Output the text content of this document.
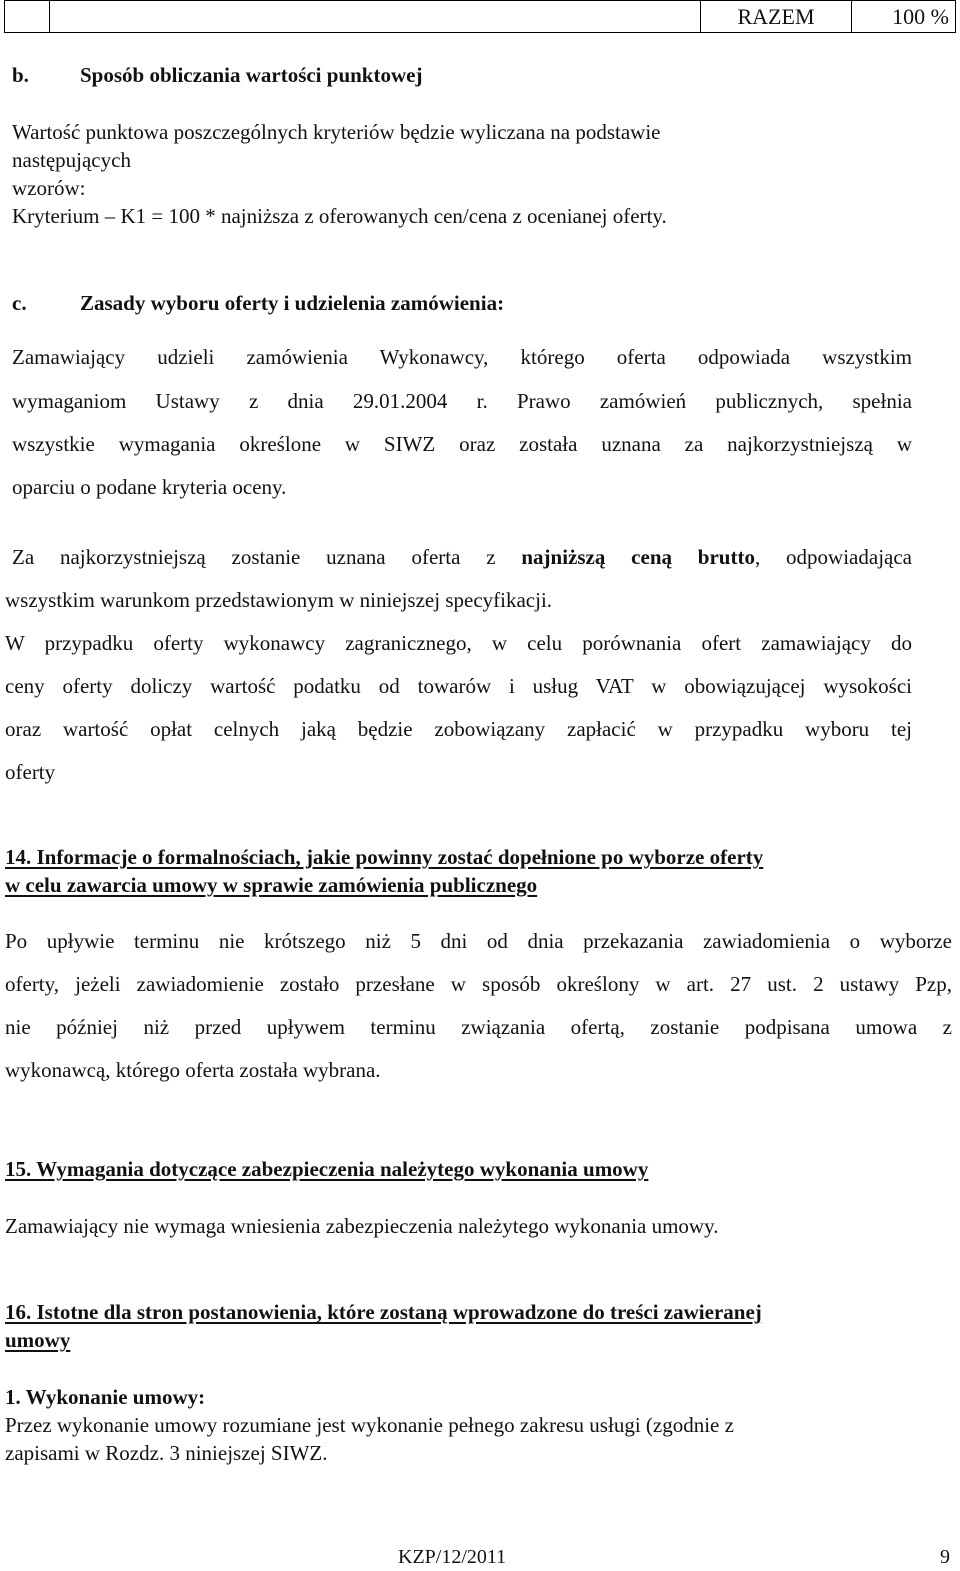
		RAZEM	100 %
b. Sposób obliczania wartości punktowej
Wartość punktowa poszczególnych kryteriów będzie wyliczana na podstawie
następujących
wzorów:
Kryterium – K1 = 100 * najniższa z oferowanych cen/cena z ocenianej oferty.
c.	Zasady wyboru oferty i udzielenia zamówienia:
Zamawiający udzieli zamówienia Wykonawcy, którego oferta odpowiada wszystkim
wymaganiom Ustawy z dnia 29.01.2004 r. Prawo zamówień publicznych, spełnia
wszystkie wymagania określone w SIWZ oraz została uznana za najkorzystniejszą w
oparciu o podane kryteria oceny.
Za najkorzystniejszą zostanie uznana oferta z najniższą ceną brutto, odpowiadająca
wszystkim warunkom przedstawionym w niniejszej specyfikacji.
W przypadku oferty wykonawcy zagranicznego, w celu porównania ofert zamawiający do
ceny oferty doliczy wartość podatku od towarów i usług VAT w obowiązującej wysokości
oraz wartość opłat celnych jaką będzie zobowiązany zapłacić w przypadku wyboru tej
oferty
14. Informacje o formalnościach, jakie powinny zostać dopełnione po wyborze oferty
w celu zawarcia umowy w sprawie zamówienia publicznego
Po upływie terminu nie krótszego niż 5 dni od dnia przekazania zawiadomienia o wyborze
oferty, jeżeli zawiadomienie zostało przesłane w sposób określony w art. 27 ust. 2 ustawy Pzp,
nie później niż przed upływem terminu związania ofertą, zostanie podpisana umowa z
wykonawcą, którego oferta została wybrana.
15. Wymagania dotyczące zabezpieczenia należytego wykonania umowy
Zamawiający nie wymaga wniesienia zabezpieczenia należytego wykonania umowy.
16. Istotne dla stron postanowienia, które zostaną wprowadzone do treści zawieranej
umowy
1. Wykonanie umowy:
Przez wykonanie umowy rozumiane jest wykonanie pełnego zakresu usługi (zgodnie z
zapisami w Rozdz. 3 niniejszej SIWZ.
KZP/12/2011	9
